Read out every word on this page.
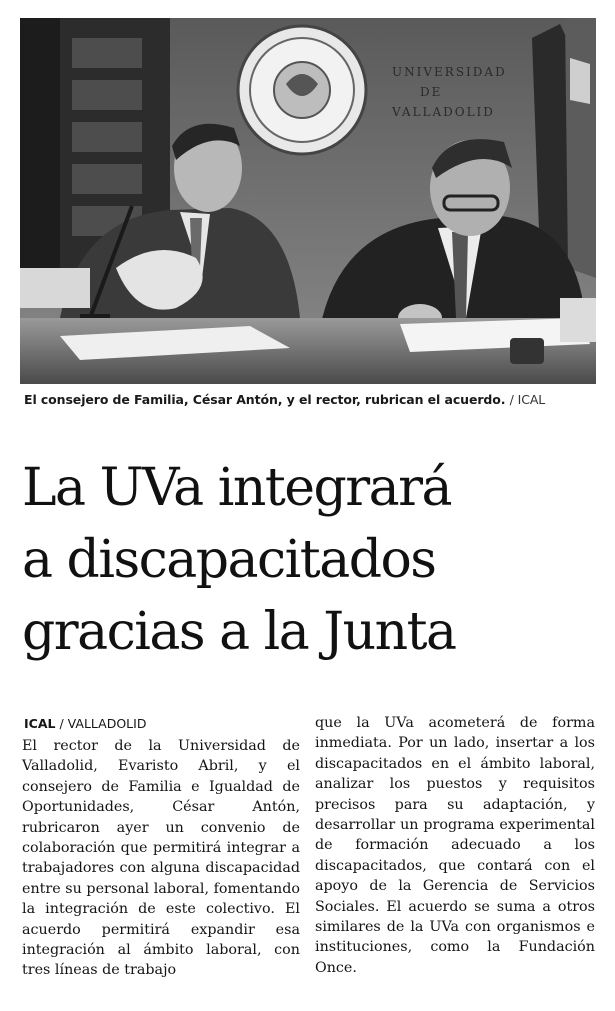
UNIVERSIDAD
DE
VALLADOLID
El consejero de Familia, César Antón, y el rector, rubrican el acuerdo. / ICAL
La UVa integrará
a discapacitados
gracias a la Junta
ICAL / VALLADOLID

El rector de la Universidad de Valladolid, Evaristo Abril, y el consejero de Familia e Igualdad de Oportunidades, César Antón, rubricaron ayer un convenio de colaboración que permitirá integrar a trabajadores con alguna discapacidad entre su personal laboral, fomentando la integración de este colectivo. El acuerdo permitirá expandir esa integración al ámbito laboral, con tres líneas de trabajo

que la UVa acometerá de forma inmediata. Por un lado, insertar a los discapacitados en el ámbito laboral, analizar los puestos y requisitos precisos para su adaptación, y desarrollar un programa experimental de formación adecuado a los discapacitados, que contará con el apoyo de la Gerencia de Servicios Sociales. El acuerdo se suma a otros similares de la UVa con organismos e instituciones, como la Fundación Once.
